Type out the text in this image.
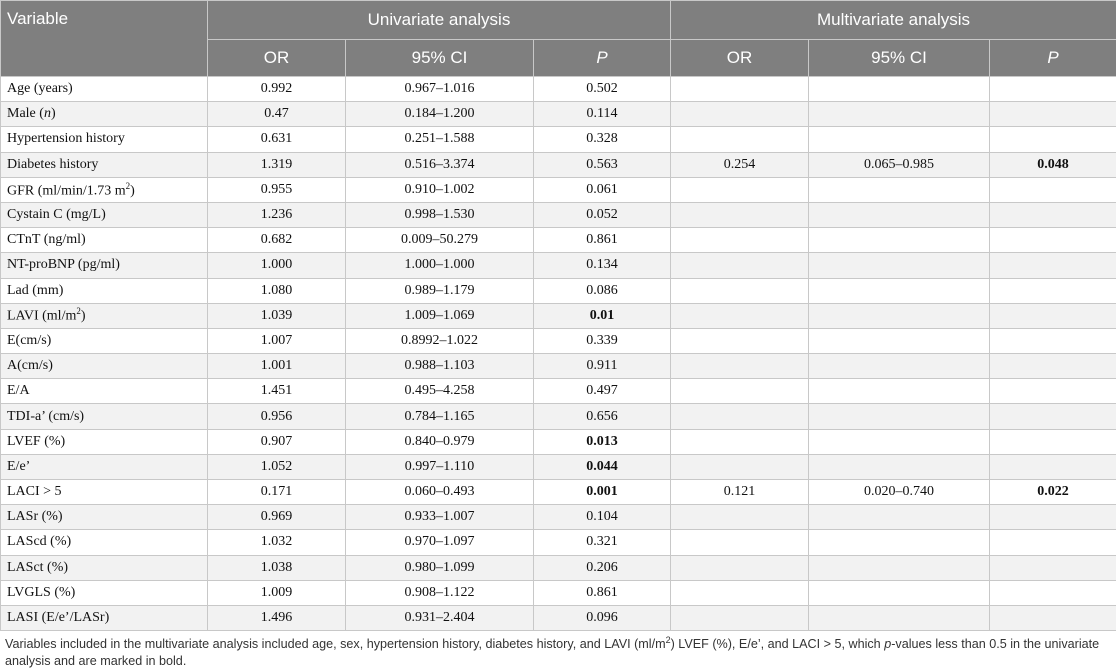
Variable	Univariate analysis			Multivariate analysis		
	OR	95% CI	P	OR	95% CI	P
Age (years)	0.992	0.967–1.016	0.502			
Male (n)	0.47	0.184–1.200	0.114			
Hypertension history	0.631	0.251–1.588	0.328			
Diabetes history	1.319	0.516–3.374	0.563	0.254	0.065–0.985	0.048
GFR (ml/min/1.73 $m^2$)	0.955	0.910–1.002	0.061			
Cystain C (mg/L)	1.236	0.998–1.530	0.052			
CTnT (ng/ml)	0.682	0.009–50.279	0.861			
NT-proBNP (pg/ml)	1.000	1.000–1.000	0.134			
Lad (mm)	1.080	0.989–1.179	0.086			
LAVI $(ml/m^2)$	1.039	1.009–1.069	0.01			
E(cm/s)	1.007	0.8992–1.022	0.339			
A(cm/s)	1.001	0.988–1.103	0.911			
E/A	1.451	0.495–4.258	0.497			
TDI-a’ (cm/s)	0.956	0.784–1.165	0.656			
LVEF (%)	0.907	0.840–0.979	0.013			
E/e’	1.052	0.997–1.110	0.044			
LACI > 5	0.171	0.060–0.493	0.001	0.121	0.020–0.740	0.022
LASr (%)	0.969	0.933–1.007	0.104			
LAScd (%)	1.032	0.970–1.097	0.321			
LASct (%)	1.038	0.980–1.099	0.206			
LVGLS (%)	1.009	0.908–1.122	0.861			
LASI (E/e’/LASr)	1.496	0.931–2.404	0.096			
Variables included in the multivariate analysis included age, sex, hypertension history, diabetes history, and LAVI $(ml/m^2)$ LVEF (%), E/e’, and LACI > 5, which p-values less than 0.5 in the univariate analysis and are marked in bold.
